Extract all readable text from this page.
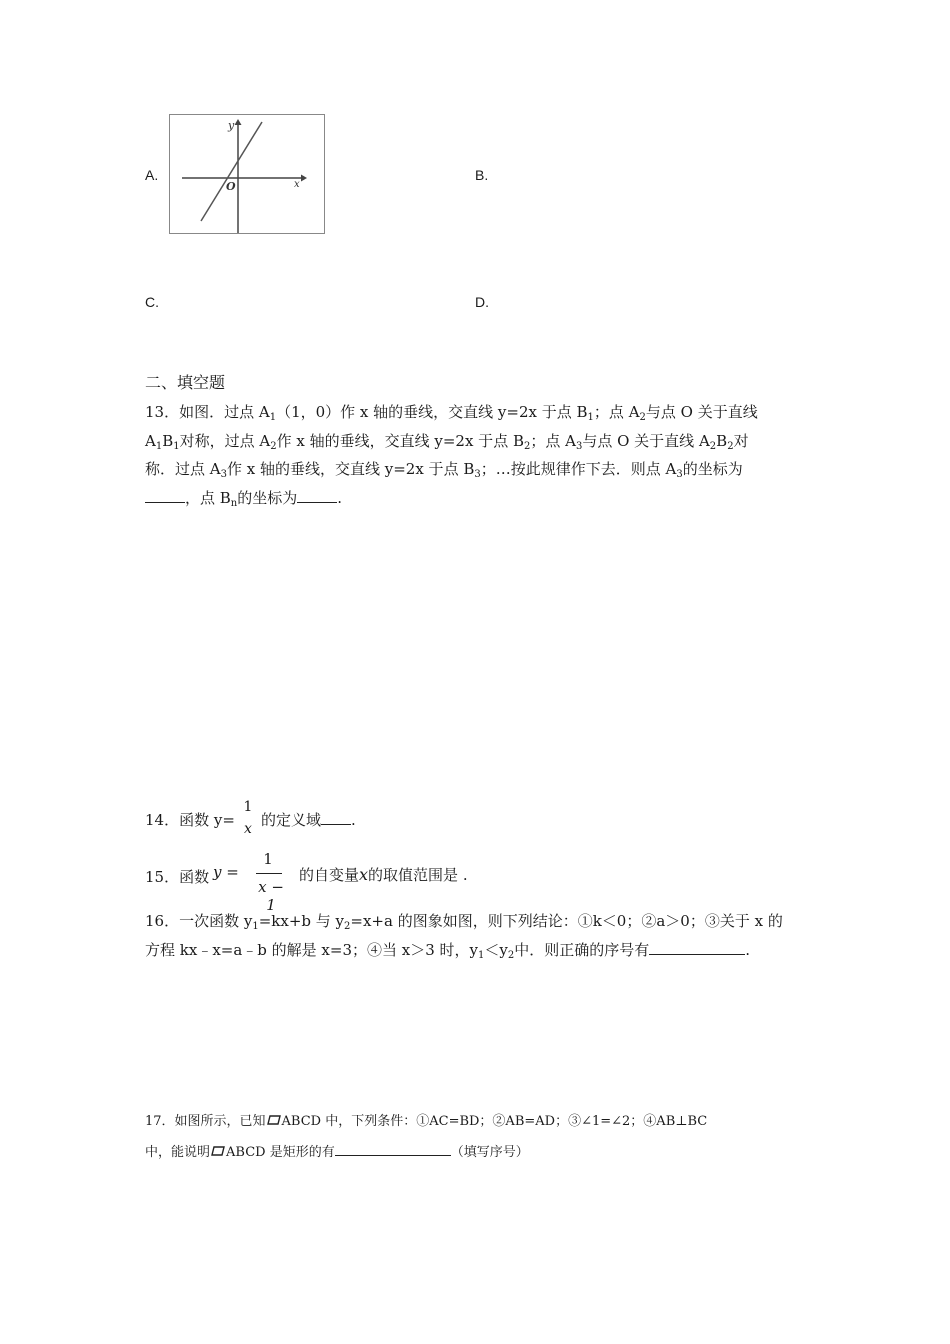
A.	B.
y
x
O
C.	D.
二、填空题
13．如图．过点 $A_1(1$，0）作 x 轴的垂线，交直线 y=2x 于点 $B_1$；点 $A_2$与点 O 关于直线
$A_1B_1$对称，过点 $A_2$作 x 轴的垂线，交直线 y=2x 于点 $B_2$；点 $A_3$与点 O 关于直线 $A_2B_2$对
称．过点 $A_3$作 x 轴的垂线，交直线 y=2x 于点 $B_3$；…按此规律作下去．则点 $A_3$的坐标为
，点 $B_n$的坐标为	.
14．函数 y=
1
x 的定义域 .
15．函数 y =
1
x − 1
的自变量x的取值范围是 .
16．一次函数 $y_1=kx+b$ 与 $y_2=x+a$ 的图象如图，则下列结论：①k＜0；②a＞0；③关于 x 的
方程 kx﹣x=a﹣b 的解是 x=3；④当 x＞3 时，$y_1<y_2$中．则正确的序号有	.
17．如图所示，已知 ABCD 中，下列条件：①AC=BD；②AB=AD；③∠1=∠2；④AB⊥BC
中，能说明 ABCD 是矩形的有	（填写序号）
